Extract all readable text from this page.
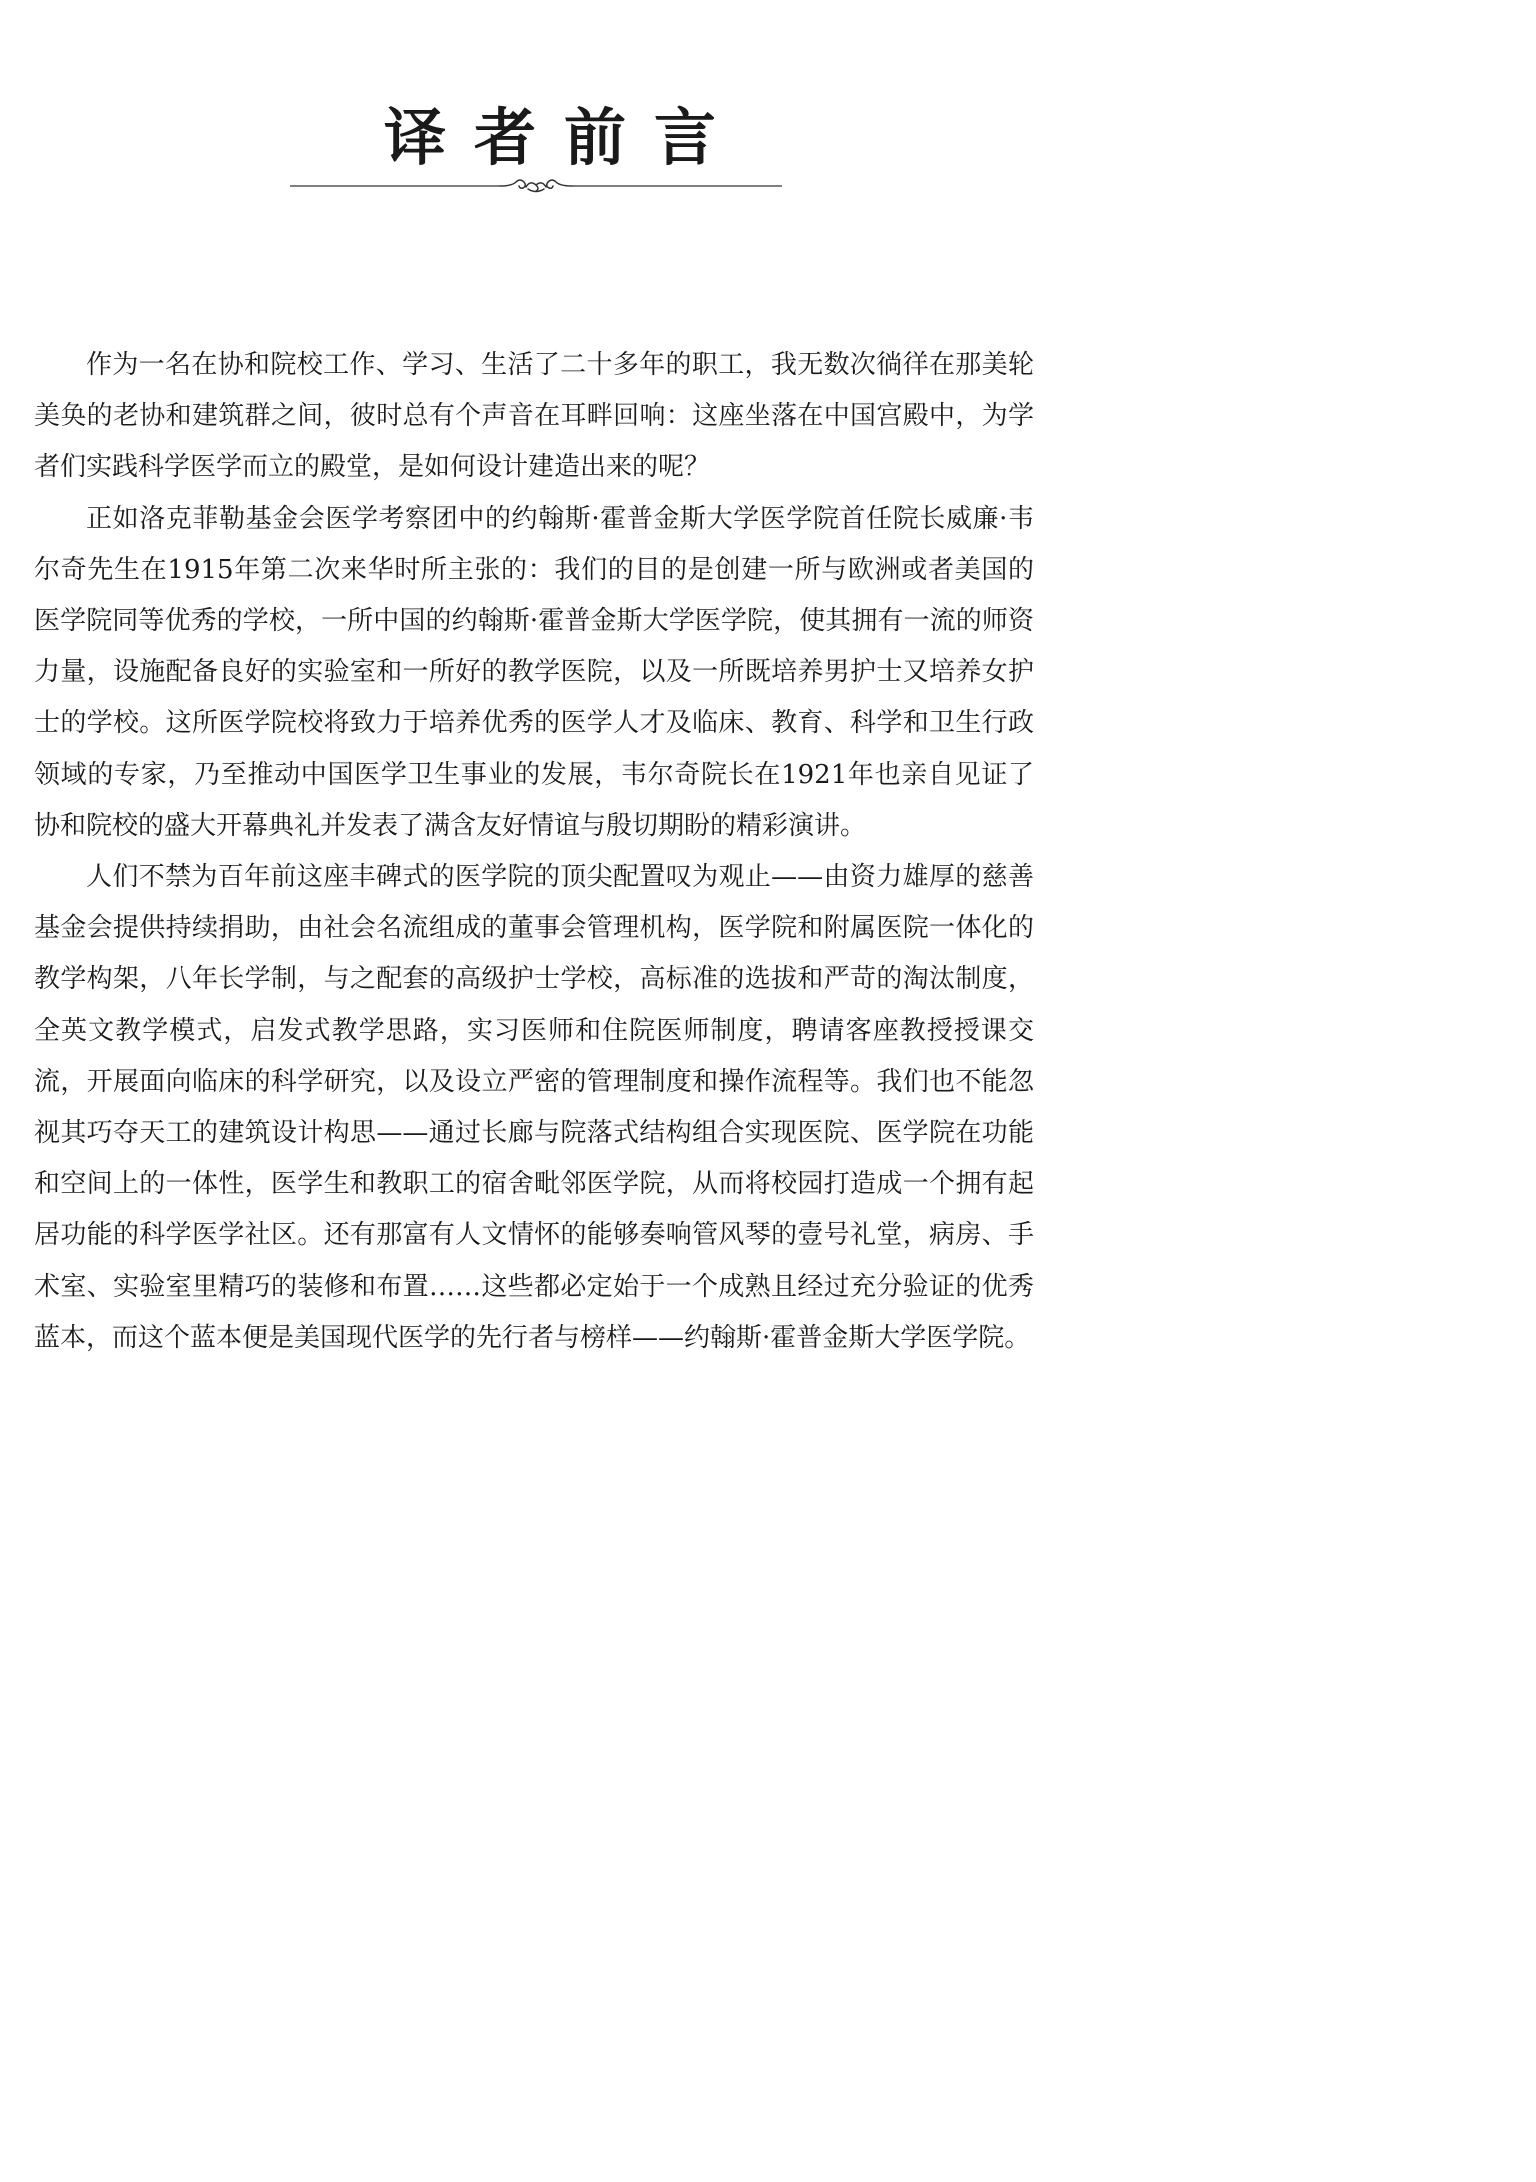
译者前言

作为一名在协和院校工作、学习、生活了二十多年的职工，我无数次徜徉在那美轮美奂的老协和建筑群之间，彼时总有个声音在耳畔回响：这座坐落在中国宫殿中，为学者们实践科学医学而立的殿堂，是如何设计建造出来的呢？

正如洛克菲勒基金会医学考察团中的约翰斯·霍普金斯大学医学院首任院长威廉·韦尔奇先生在1915年第二次来华时所主张的：我们的目的是创建一所与欧洲或者美国的医学院同等优秀的学校，一所中国的约翰斯·霍普金斯大学医学院，使其拥有一流的师资力量，设施配备良好的实验室和一所好的教学医院，以及一所既培养男护士又培养女护士的学校。这所医学院校将致力于培养优秀的医学人才及临床、教育、科学和卫生行政领域的专家，乃至推动中国医学卫生事业的发展，韦尔奇院长在1921年也亲自见证了协和院校的盛大开幕典礼并发表了满含友好情谊与殷切期盼的精彩演讲。

人们不禁为百年前这座丰碑式的医学院的顶尖配置叹为观止——由资力雄厚的慈善基金会提供持续捐助，由社会名流组成的董事会管理机构，医学院和附属医院一体化的教学构架，八年长学制，与之配套的高级护士学校，高标准的选拔和严苛的淘汰制度，全英文教学模式，启发式教学思路，实习医师和住院医师制度，聘请客座教授授课交流，开展面向临床的科学研究，以及设立严密的管理制度和操作流程等。我们也不能忽视其巧夺天工的建筑设计构思——通过长廊与院落式结构组合实现医院、医学院在功能和空间上的一体性，医学生和教职工的宿舍毗邻医学院，从而将校园打造成一个拥有起居功能的科学医学社区。还有那富有人文情怀的能够奏响管风琴的壹号礼堂，病房、手术室、实验室里精巧的装修和布置……这些都必定始于一个成熟且经过充分验证的优秀蓝本，而这个蓝本便是美国现代医学的先行者与榜样——约翰斯·霍普金斯大学医学院。
